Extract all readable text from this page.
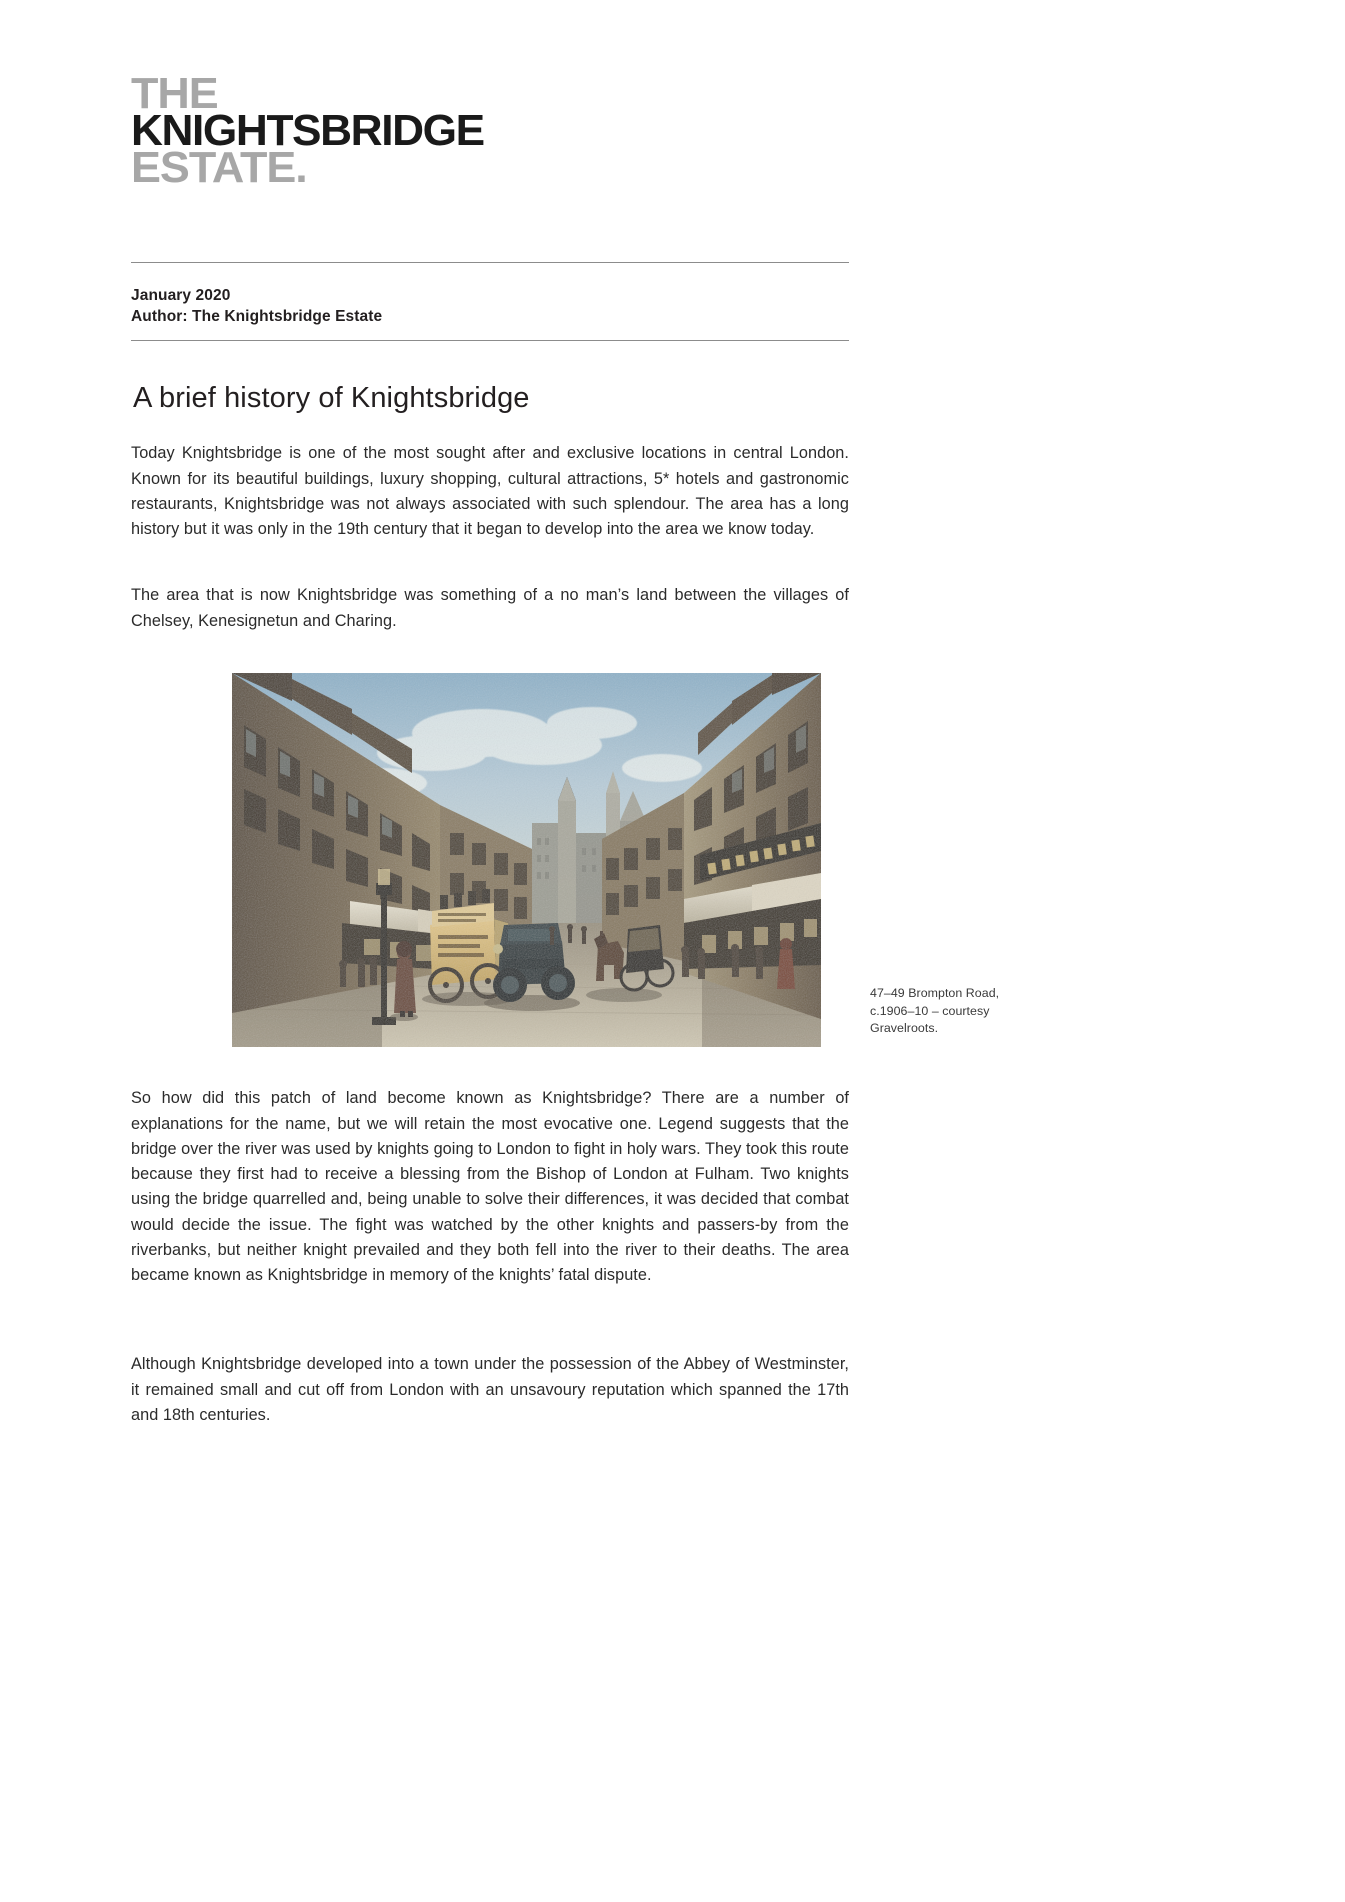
THE
KNIGHTSBRIDGE
ESTATE.
January 2020
Author: The Knightsbridge Estate
A brief history of Knightsbridge

Today Knightsbridge is one of the most sought after and exclusive locations in central London. Known for its beautiful buildings, luxury shopping, cultural attractions, 5* hotels and gastronomic restaurants, Knightsbridge was not always associated with such splendour. The area has a long history but it was only in the 19th century that it began to develop into the area we know today.

The area that is now Knightsbridge was something of a no man’s land between the villages of Chelsey, Kenesignetun and Charing.

47–49 Brompton Road, c.1906–10 – courtesy Gravelroots.

So how did this patch of land become known as Knightsbridge? There are a number of explanations for the name, but we will retain the most evocative one. Legend suggests that the bridge over the river was used by knights going to London to fight in holy wars. They took this route because they first had to receive a blessing from the Bishop of London at Fulham. Two knights using the bridge quarrelled and, being unable to solve their differences, it was decided that combat would decide the issue. The fight was watched by the other knights and passers-by from the riverbanks, but neither knight prevailed and they both fell into the river to their deaths. The area became known as Knightsbridge in memory of the knights’ fatal dispute.

Although Knightsbridge developed into a town under the possession of the Abbey of Westminster, it remained small and cut off from London with an unsavoury reputation which spanned the 17th and 18th centuries.
